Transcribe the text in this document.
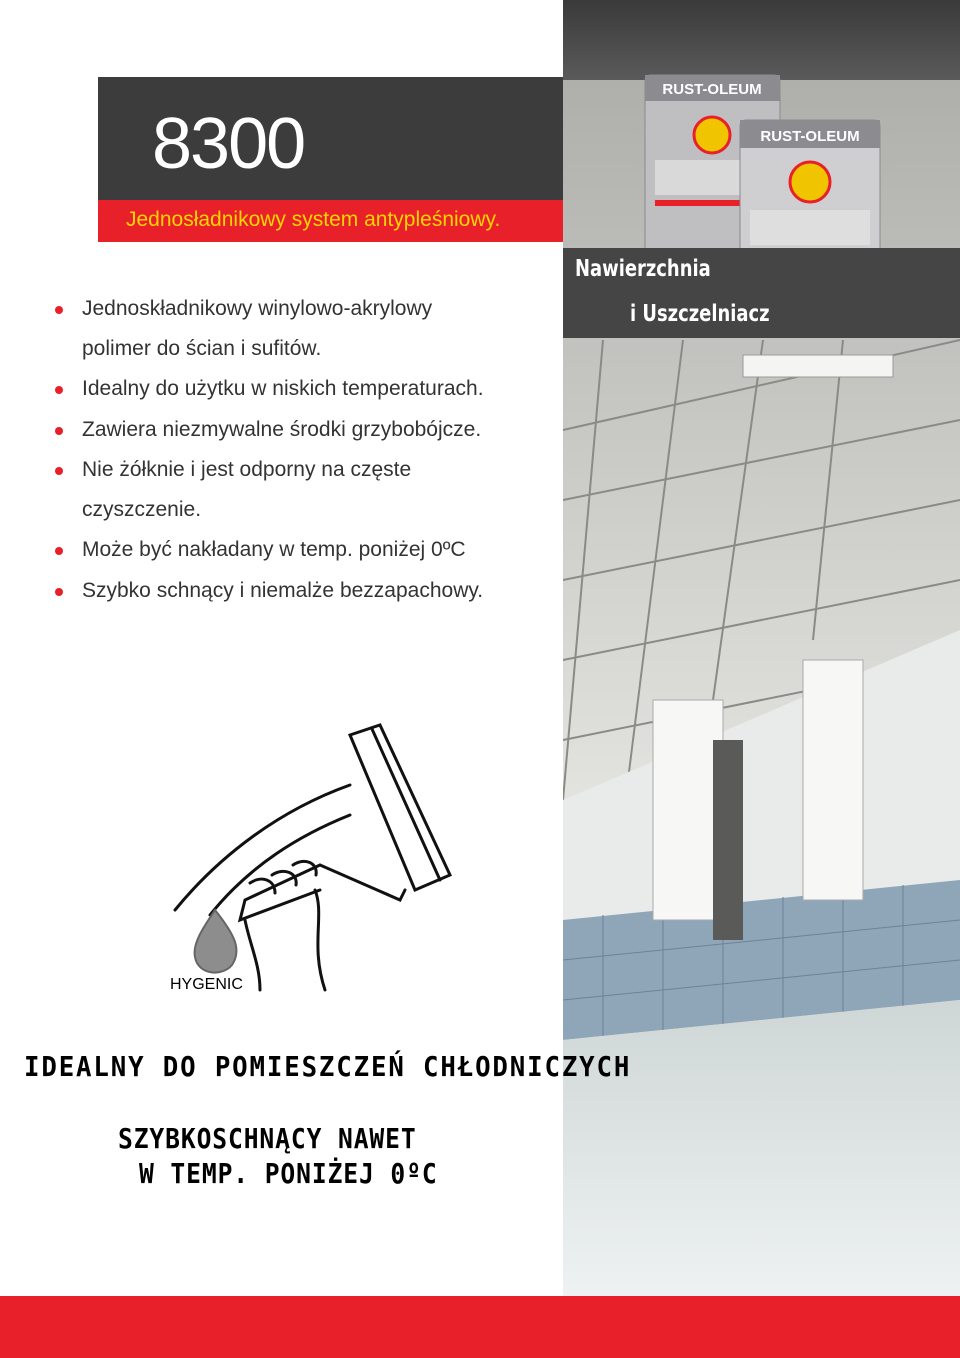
RUST-OLEUM
RUST-OLEUM
Nawierzchnia
i Uszczelniacz
8300
Jednosładnikowy system antypleśniowy.
Jednoskładnikowy winylowo-akrylowy
polimer do ścian i sufitów.
Idealny do użytku w niskich temperaturach.
Zawiera niezmywalne środki grzybobójcze.
Nie żółknie i jest odporny na częste
czyszczenie.
Może być nakładany w temp. poniżej 0ºC
Szybko schnący i niemalże bezzapachowy.
HYGENIC
IDEALNY DO POMIESZCZEŃ CHŁODNICZYCH
SZYBKOSCHNĄCY NAWET
W TEMP. PONIŻEJ 0ºC
